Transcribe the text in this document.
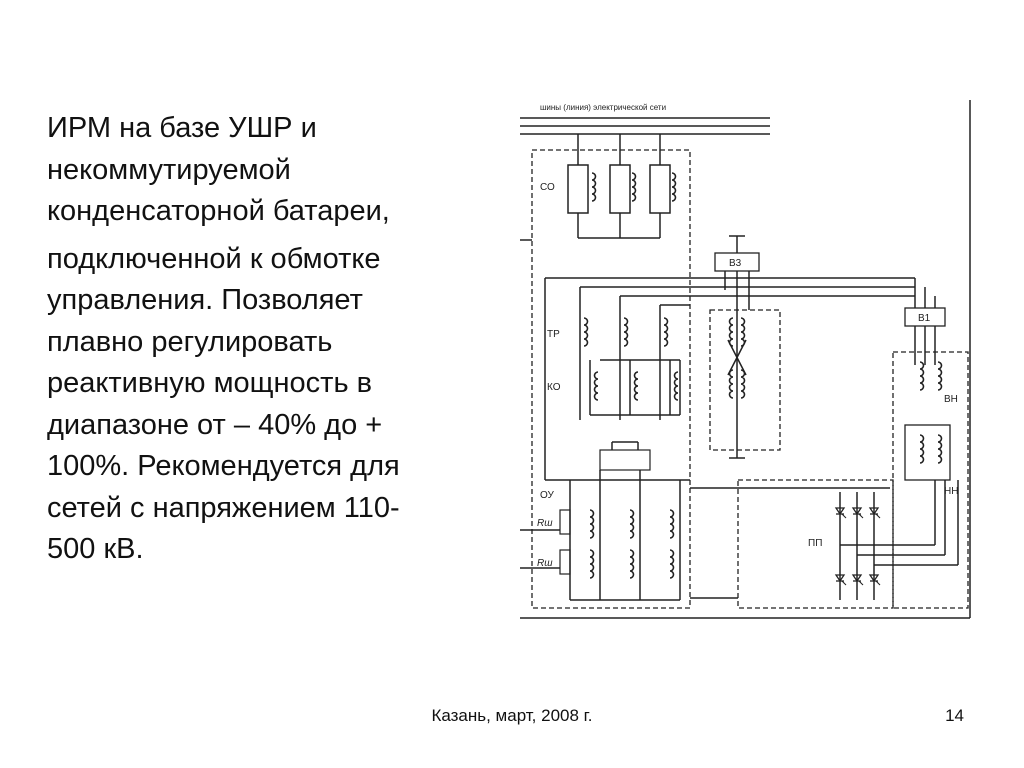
ИРМ на базе УШР и

некоммутируемой

конденсаторной батареи,

подключенной к обмотке

управления. Позволяет

плавно регулировать

реактивную мощность в

диапазоне от – 40% до +

100%. Рекомендуется для

сетей с напряжением 110-

500 кВ.

шины (линия) электрической сети
СО
ТР
КО
ОУ
Rш
Rш
В3
В1
ВН
НН
ПП
Казань, март, 2008 г.	14
